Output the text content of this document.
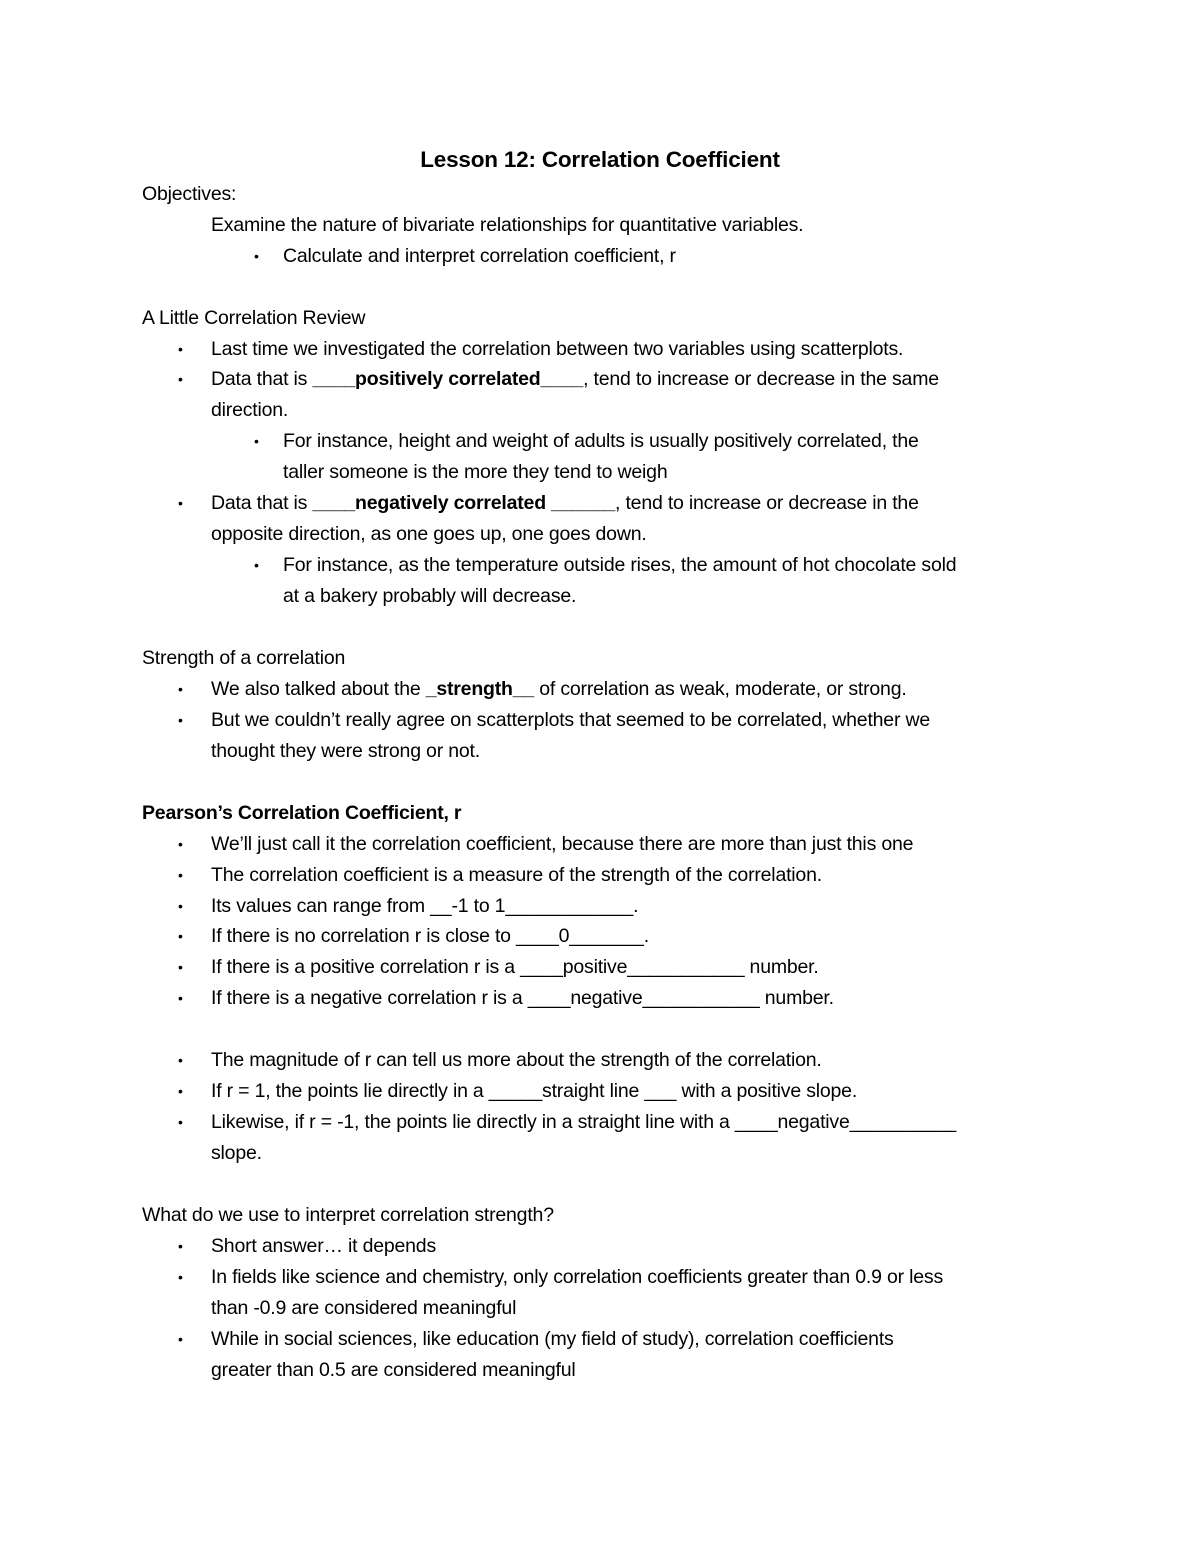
Lesson 12: Correlation Coefficient
Objectives:
Examine the nature of bivariate relationships for quantitative variables.
• Calculate and interpret correlation coefficient, r
A Little Correlation Review
• Last time we investigated the correlation between two variables using scatterplots.
• Data that is ____positively correlated____, tend to increase or decrease in the same
direction.
• For instance, height and weight of adults is usually positively correlated, the
taller someone is the more they tend to weigh
• Data that is ____negatively correlated ______, tend to increase or decrease in the
opposite direction, as one goes up, one goes down.
• For instance, as the temperature outside rises, the amount of hot chocolate sold
at a bakery probably will decrease.
Strength of a correlation
• We also talked about the _strength__ of correlation as weak, moderate, or strong.
• But we couldn’t really agree on scatterplots that seemed to be correlated, whether we
thought they were strong or not.
Pearson’s Correlation Coefficient, r
• We’ll just call it the correlation coefficient, because there are more than just this one
• The correlation coefficient is a measure of the strength of the correlation.
• Its values can range from __-1 to 1____________.
• If there is no correlation r is close to ____0_______.
• If there is a positive correlation r is a ____positive___________ number.
• If there is a negative correlation r is a ____negative___________ number.
• The magnitude of r can tell us more about the strength of the correlation.
• If r = 1, the points lie directly in a _____straight line ___ with a positive slope.
• Likewise, if r = -1, the points lie directly in a straight line with a ____negative__________
slope.
What do we use to interpret correlation strength?
• Short answer… it depends
• In fields like science and chemistry, only correlation coefficients greater than 0.9 or less
than -0.9 are considered meaningful
• While in social sciences, like education (my field of study), correlation coefficients
greater than 0.5 are considered meaningful
